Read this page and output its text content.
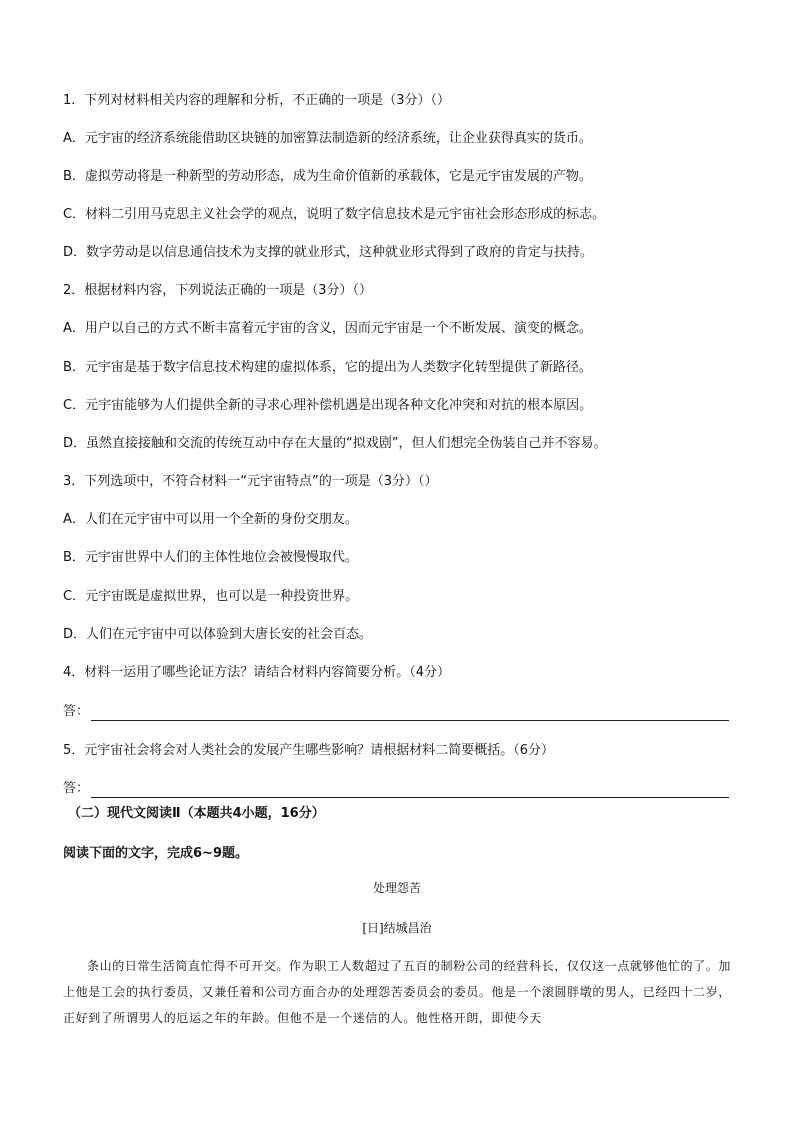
1．下列对材料相关内容的理解和分析，不正确的一项是（3分）（）
A．元宇宙的经济系统能借助区块链的加密算法制造新的经济系统，让企业获得真实的货币。
B．虚拟劳动将是一种新型的劳动形态，成为生命价值新的承载体，它是元宇宙发展的产物。
C．材料二引用马克思主义社会学的观点，说明了数字信息技术是元宇宙社会形态形成的标志。
D．数字劳动是以信息通信技术为支撑的就业形式，这种就业形式得到了政府的肯定与扶持。
2．根据材料内容，下列说法正确的一项是（3分）（）
A．用户以自己的方式不断丰富着元宇宙的含义，因而元宇宙是一个不断发展、演变的概念。
B．元宇宙是基于数字信息技术构建的虚拟体系，它的提出为人类数字化转型提供了新路径。
C．元宇宙能够为人们提供全新的寻求心理补偿机遇是出现各种文化冲突和对抗的根本原因。
D．虽然直接接触和交流的传统互动中存在大量的“拟戏剧”，但人们想完全伪装自己并不容易。
3．下列选项中，不符合材料一“元宇宙特点”的一项是（3分）（）
A．人们在元宇宙中可以用一个全新的身份交朋友。
B．元宇宙世界中人们的主体性地位会被慢慢取代。
C．元宇宙既是虚拟世界，也可以是一种投资世界。
D．人们在元宇宙中可以体验到大唐长安的社会百态。
4．材料一运用了哪些论证方法？请结合材料内容简要分析。（4分）
答：
5．元宇宙社会将会对人类社会的发展产生哪些影响？请根据材料二简要概括。（6分）
答：
（二）现代文阅读Ⅱ（本题共4小题，16分）
阅读下面的文字，完成6~9题。
处理怨苦
[日]结城昌治
条山的日常生活简直忙得不可开交。作为职工人数超过了五百的制粉公司的经营科长，仅仅这一点就够他忙的了。加上他是工会的执行委员，又兼任着和公司方面合办的处理怨苦委员会的委员。他是一个滚圆胖墩的男人，已经四十二岁，正好到了所谓男人的厄运之年的年龄。但他不是一个迷信的人。他性格开朗，即使今天
